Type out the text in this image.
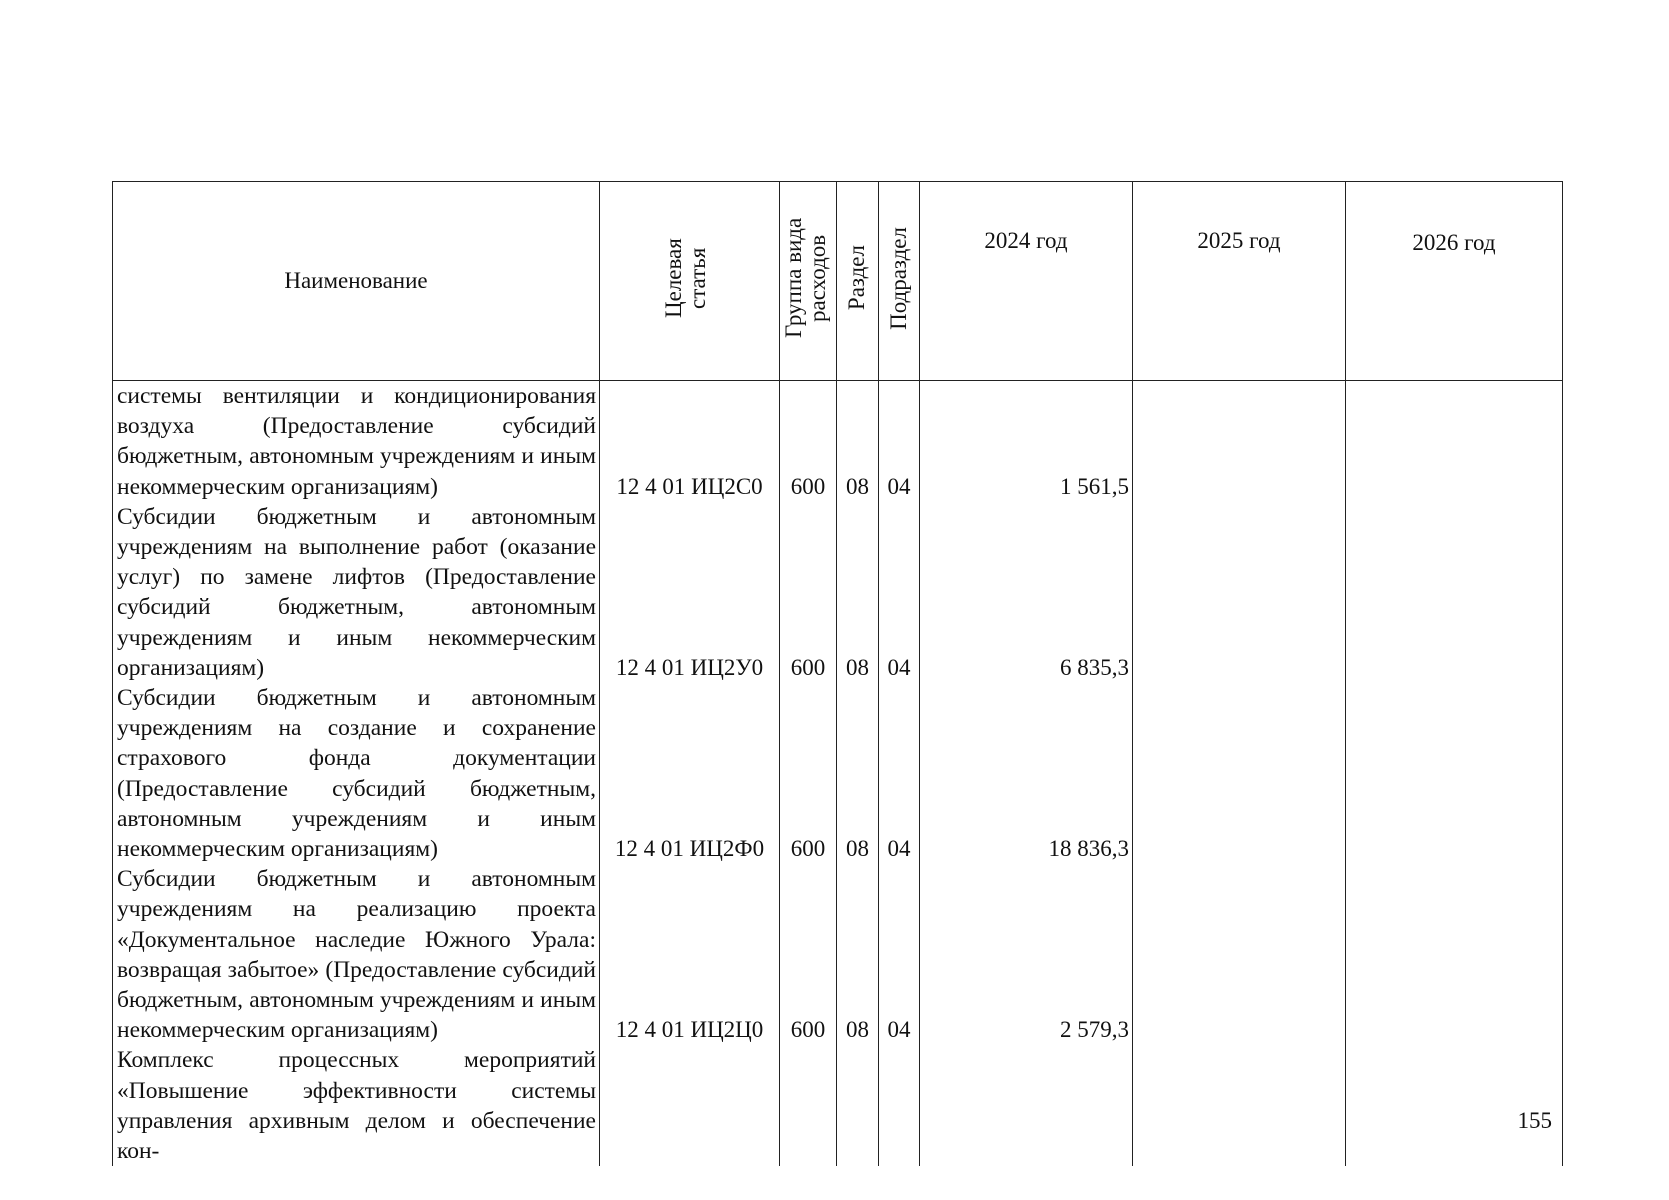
Наименование	Целевая статья	Группа вида расходов	Раздел	Подраздел	2024 год	2025 год	2026 год
системы вентиляции и кондиционирования воздуха (Предоставление субсидий бюджетным, автономным учреждениям и иным некоммерческим организациям)	12 4 01 ИЦ2С0	600	08	04	1 561,5		
Субсидии бюджетным и автономным учреждениям на выполнение работ (оказание услуг) по замене лифтов (Предоставление субсидий бюджетным, автономным учреждениям и иным некоммерческим организациям)	12 4 01 ИЦ2У0	600	08	04	6 835,3		
Субсидии бюджетным и автономным учреждениям на создание и сохранение страхового фонда документации (Предоставление субсидий бюджетным, автономным учреждениям и иным некоммерческим организациям)	12 4 01 ИЦ2Ф0	600	08	04	18 836,3		
Субсидии бюджетным и автономным учреждениям на реализацию проекта «Документальное наследие Южного Урала: возвращая забытое» (Предоставление субсидий бюджетным, автономным учреждениям и иным некоммерческим организациям)	12 4 01 ИЦ2Ц0	600	08	04	2 579,3		
Комплекс процессных мероприятий «Повышение эффективности системы управления архивным делом и обеспечение кон-							
155
